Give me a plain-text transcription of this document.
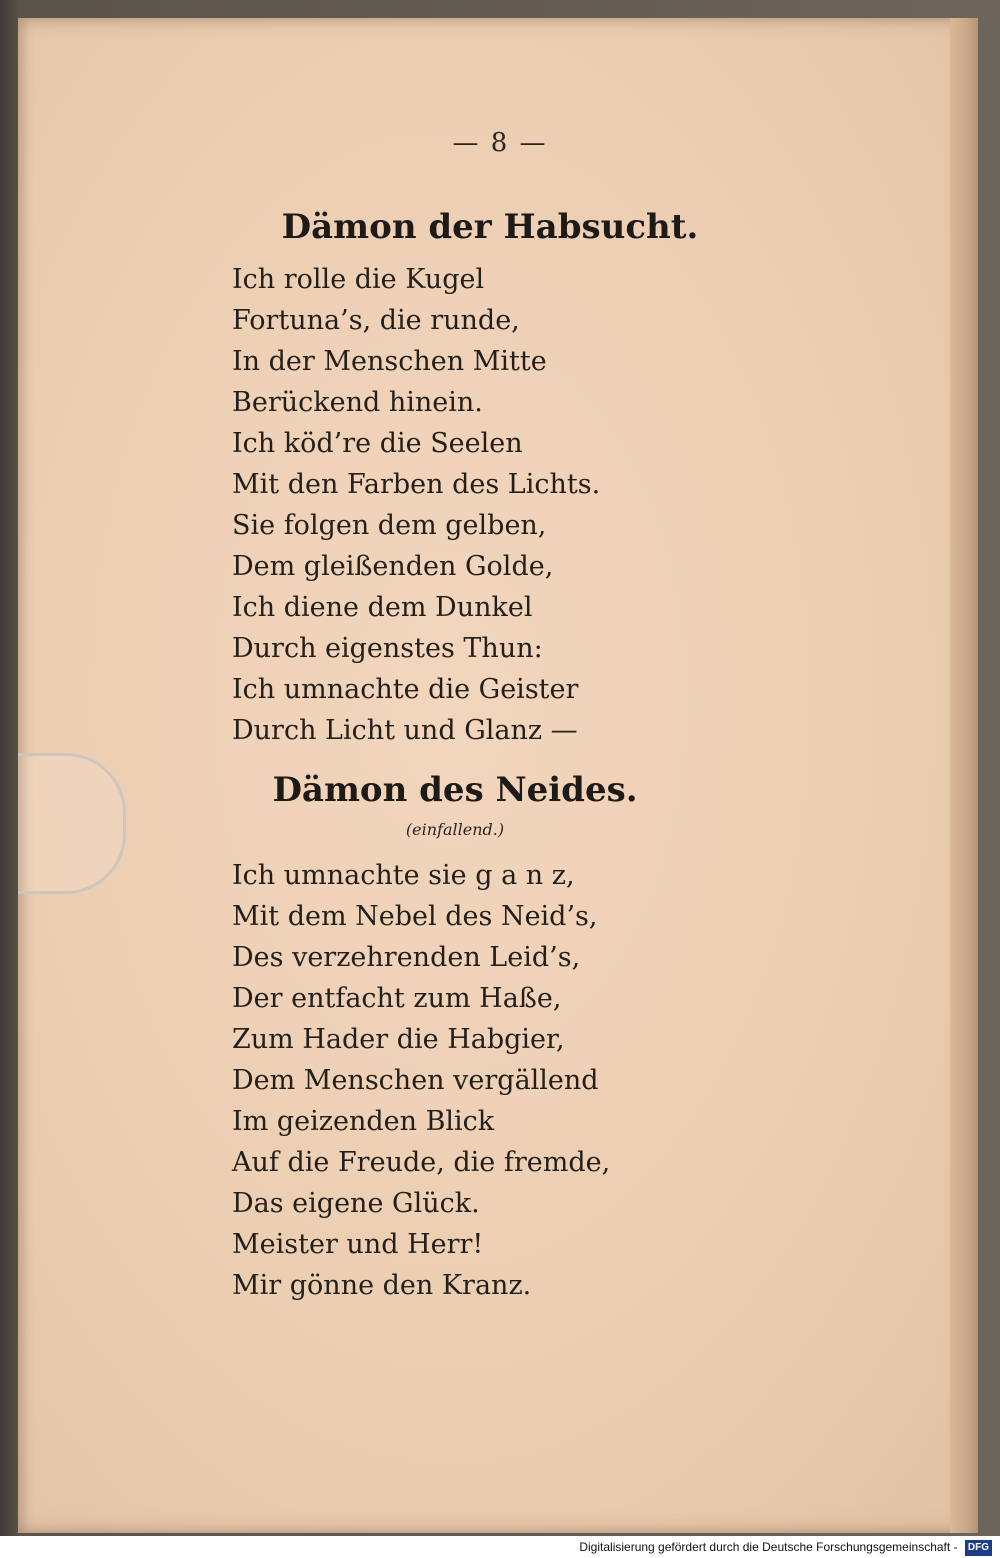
— 8 —
Dämon der Habsucht.
Ich rolle die Kugel
Fortuna’s, die runde,
In der Menschen Mitte
Berückend hinein.
Ich köd’re die Seelen
Mit den Farben des Lichts.
Sie folgen dem gelben,
Dem gleißenden Golde,
Ich diene dem Dunkel
Durch eigenstes Thun:
Ich umnachte die Geister
Durch Licht und Glanz —
Dämon des Neides.
(einfallend.)
Ich umnachte sie g a n z,
Mit dem Nebel des Neid’s,
Des verzehrenden Leid’s,
Der entfacht zum Haße,
Zum Hader die Habgier,
Dem Menschen vergällend
Im geizenden Blick
Auf die Freude, die fremde,
Das eigene Glück.
Meister und Herr!
Mir gönne den Kranz.
Digitalisierung gefördert durch die Deutsche Forschungsgemeinschaft - DFG
